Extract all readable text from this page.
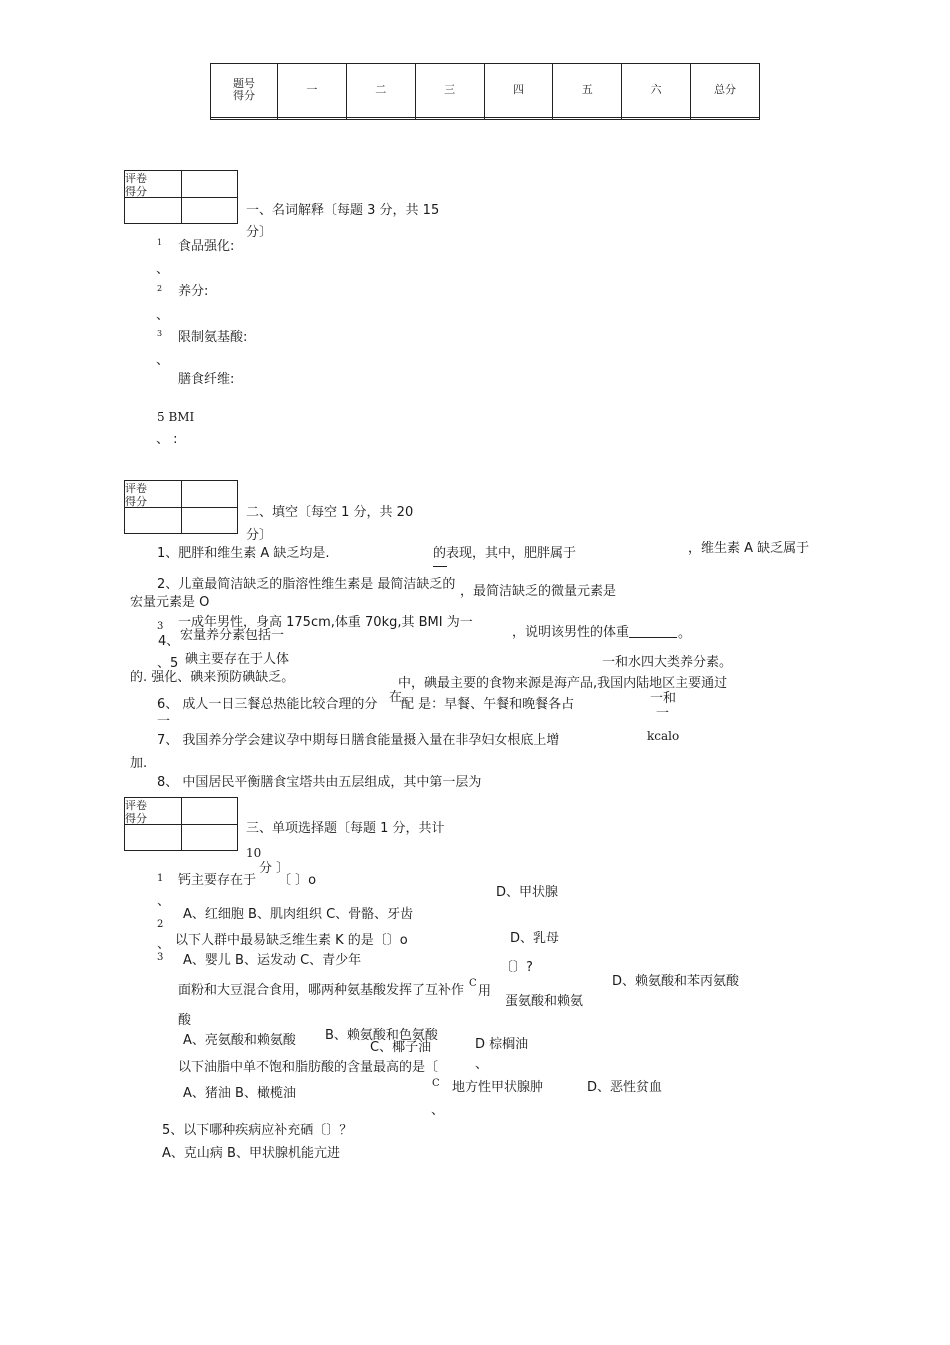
题号
得分	一	二	三	四	五	六	总分

评卷
得分
一、名词解释〔每题 3 分，共 15
分〕
1 食品强化:
、
2 养分:
、
3 限制氨基酸:
、
膳食纤维:
5 BMI
、 :
评卷
得分
二、填空〔每空 1 分，共 20
分〕
1、肥胖和维生素 A 缺乏均是.	的表现，其中，肥胖属于	，维生素 A 缺乏属于
2、儿童最简洁缺乏的脂溶性维生素是 最简洁缺乏的 ，最简洁缺乏的微量元素是
宏量元素是 O
3 一成年男性，身高 175cm,体重 70kg,其 BMI 为一
，说明该男性的体重	。
4、 宏量养分素包括一
一和水四大类养分素。
、5 碘主要存在于人体
中，碘最主要的食物来源是海产品,我国内陆地区主要通过
在
的. 强化、碘来预防碘缺乏。
6、 成人一日三餐总热能比较合理的分 配 是：早餐、午餐和晚餐各占	一和
一
一
7、 我国养分学会建议孕中期每日膳食能量摄入量在非孕妇女根底上增	kcalo
加.
8、 中国居民平衡膳食宝塔共由五层组成，其中第一层为
评卷
得分
三、单项选择题〔每题 1 分，共计
10
分 〕
1 钙主要存在于 〔 〕o
D、甲状腺
、
A、红细胞 B、肌肉组织 C、骨骼、牙齿
2
D、乳母
、 以下人群中最易缺乏维生素 K 的是〔〕o
3 A、婴儿 B、运发动 C、青少年	〔〕?
面粉和大豆混合食用，哪两种氨基酸发挥了互补作 C
用
D、赖氨酸和苯丙氨酸
蛋氨酸和赖氨
酸
A、亮氨酸和赖氨酸 B、赖氨酸和色氨酸
C、椰子油	D 棕榈油
以下油脂中单不饱和脂肪酸的含量最高的是〔	、
A、猪油 B、橄榄油
C 地方性甲状腺肿	D、恶性贫血
、
5、以下哪种疾病应补充硒〔〕？
A、克山病 B、甲状腺机能亢进
